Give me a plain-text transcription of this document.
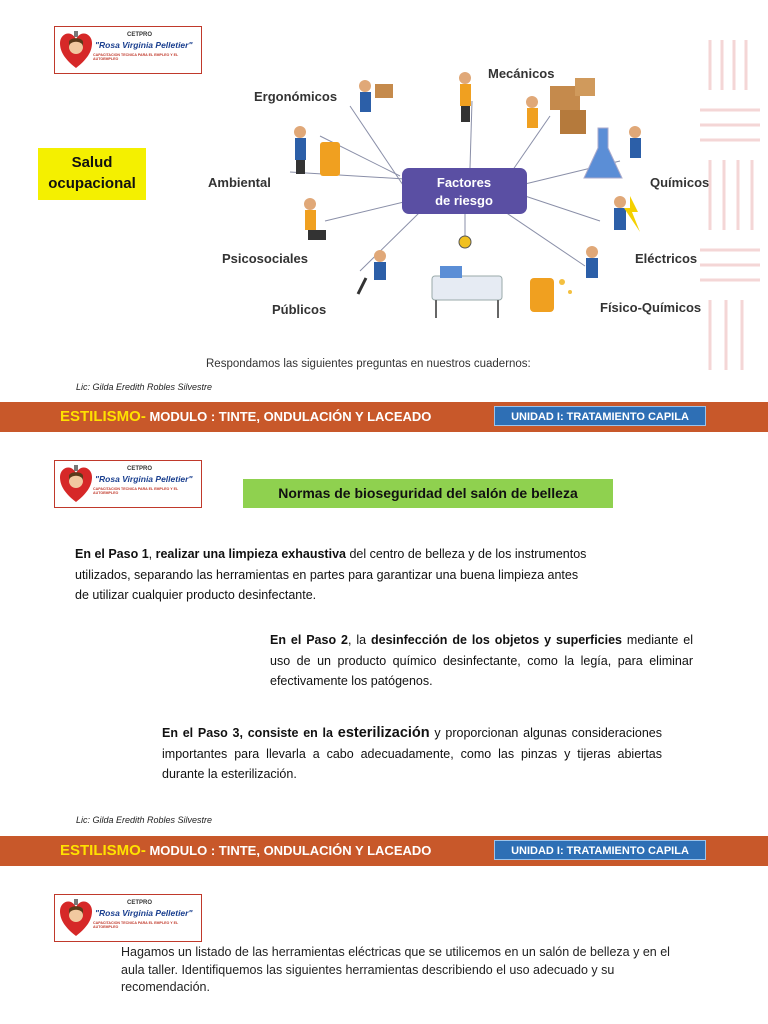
CETPRO
"Rosa Virginia Pelletier"
CAPACITACION TECNICA PARA EL EMPLEO Y EL AUTOEMPLEO
Salud ocupacional	Factores
de riesgo
Ergonómicos
Mecánicos
Ambiental	Químicos
Psicosociales	Eléctricos
Públicos	Físico-Químicos
Respondamos las siguientes preguntas en nuestros cuadernos:
Lic: Gilda Eredith Robles Silvestre
ESTILISMO- MODULO : TINTE, ONDULACIÓN Y LACEADO	UNIDAD I: TRATAMIENTO CAPILA
CETPRO
"Rosa Virginia Pelletier"
CAPACITACION TECNICA PARA EL EMPLEO Y EL AUTOEMPLEO	Normas de bioseguridad del salón de belleza
En el Paso 1, realizar una limpieza exhaustiva del centro de belleza y de los instrumentos utilizados, separando las herramientas en partes para garantizar una buena limpieza antes de utilizar cualquier producto desinfectante.
En el Paso 2, la desinfección de los objetos y superficies mediante el uso de un producto químico desinfectante, como la legía, para eliminar efectivamente los patógenos.
En el Paso 3, consiste en la esterilización y proporcionan algunas consideraciones importantes para llevarla a cabo adecuadamente, como las pinzas y tijeras abiertas durante la esterilización.
Lic: Gilda Eredith Robles Silvestre
ESTILISMO- MODULO : TINTE, ONDULACIÓN Y LACEADO	UNIDAD I: TRATAMIENTO CAPILA
CETPRO
"Rosa Virginia Pelletier"
CAPACITACION TECNICA PARA EL EMPLEO Y EL AUTOEMPLEO
Hagamos un listado de las herramientas eléctricas que se utilicemos en un salón de belleza y en el aula taller. Identifiquemos las siguientes herramientas describiendo el uso adecuado y su recomendación.
